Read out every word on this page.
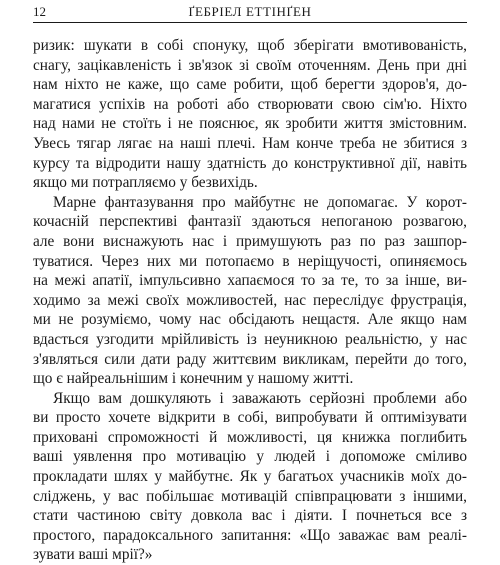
12	ҐЕБРІЕЛ ЕТТІНҐЕН
ризик: шукати в собі спонуку, щоб зберігати вмотивованість,
снагу, зацікавленість і зв'язок зі своїм оточенням. День при дні
нам ніхто не каже, що саме робити, щоб берегти здоров'я, до-
магатися успіхів на роботі або створювати свою сім'ю. Ніхто
над нами не стоїть і не пояснює, як зробити життя змістовним.
Увесь тягар лягає на наші плечі. Нам конче треба не збитися з
курсу та відродити нашу здатність до конструктивної дії, навіть
якщо ми потрапляємо у безвихідь.
Марне фантазування про майбутнє не допомагає. У корот-
кочасній перспективі фантазії здаються непоганою розвагою,
але вони виснажують нас і примушують раз по раз зашпор-
туватися. Через них ми потопаємо в неріщучості, опиняємось
на межі апатії, імпульсивно хапаємося то за те, то за інше, ви-
ходимо за межі своїх можливостей, нас переслідує фрустрація,
ми не розуміємо, чому нас обсідають нещастя. Але якщо нам
вдасться узгодити мрійливість із неуникною реальністю, у нас
з'являться сили дати раду життєвим викликам, перейти до того,
що є найреальнішим і конечним у нашому житті.
Якщо вам дошкуляють і заважають серйозні проблеми або
ви просто хочете відкрити в собі, випробувати й оптимізувати
приховані спроможності й можливості, ця книжка поглибить
ваші уявлення про мотивацію у людей і допоможе сміливо
прокладати шлях у майбутнє. Як у багатьох учасників моїх до-
сліджень, у вас побільшає мотивацій співпрацювати з іншими,
стати частиною світу довкола вас і діяти. І почнеться все з
простого, парадоксального запитання: «Що заважає вам реалі-
зувати ваші мрії?»
